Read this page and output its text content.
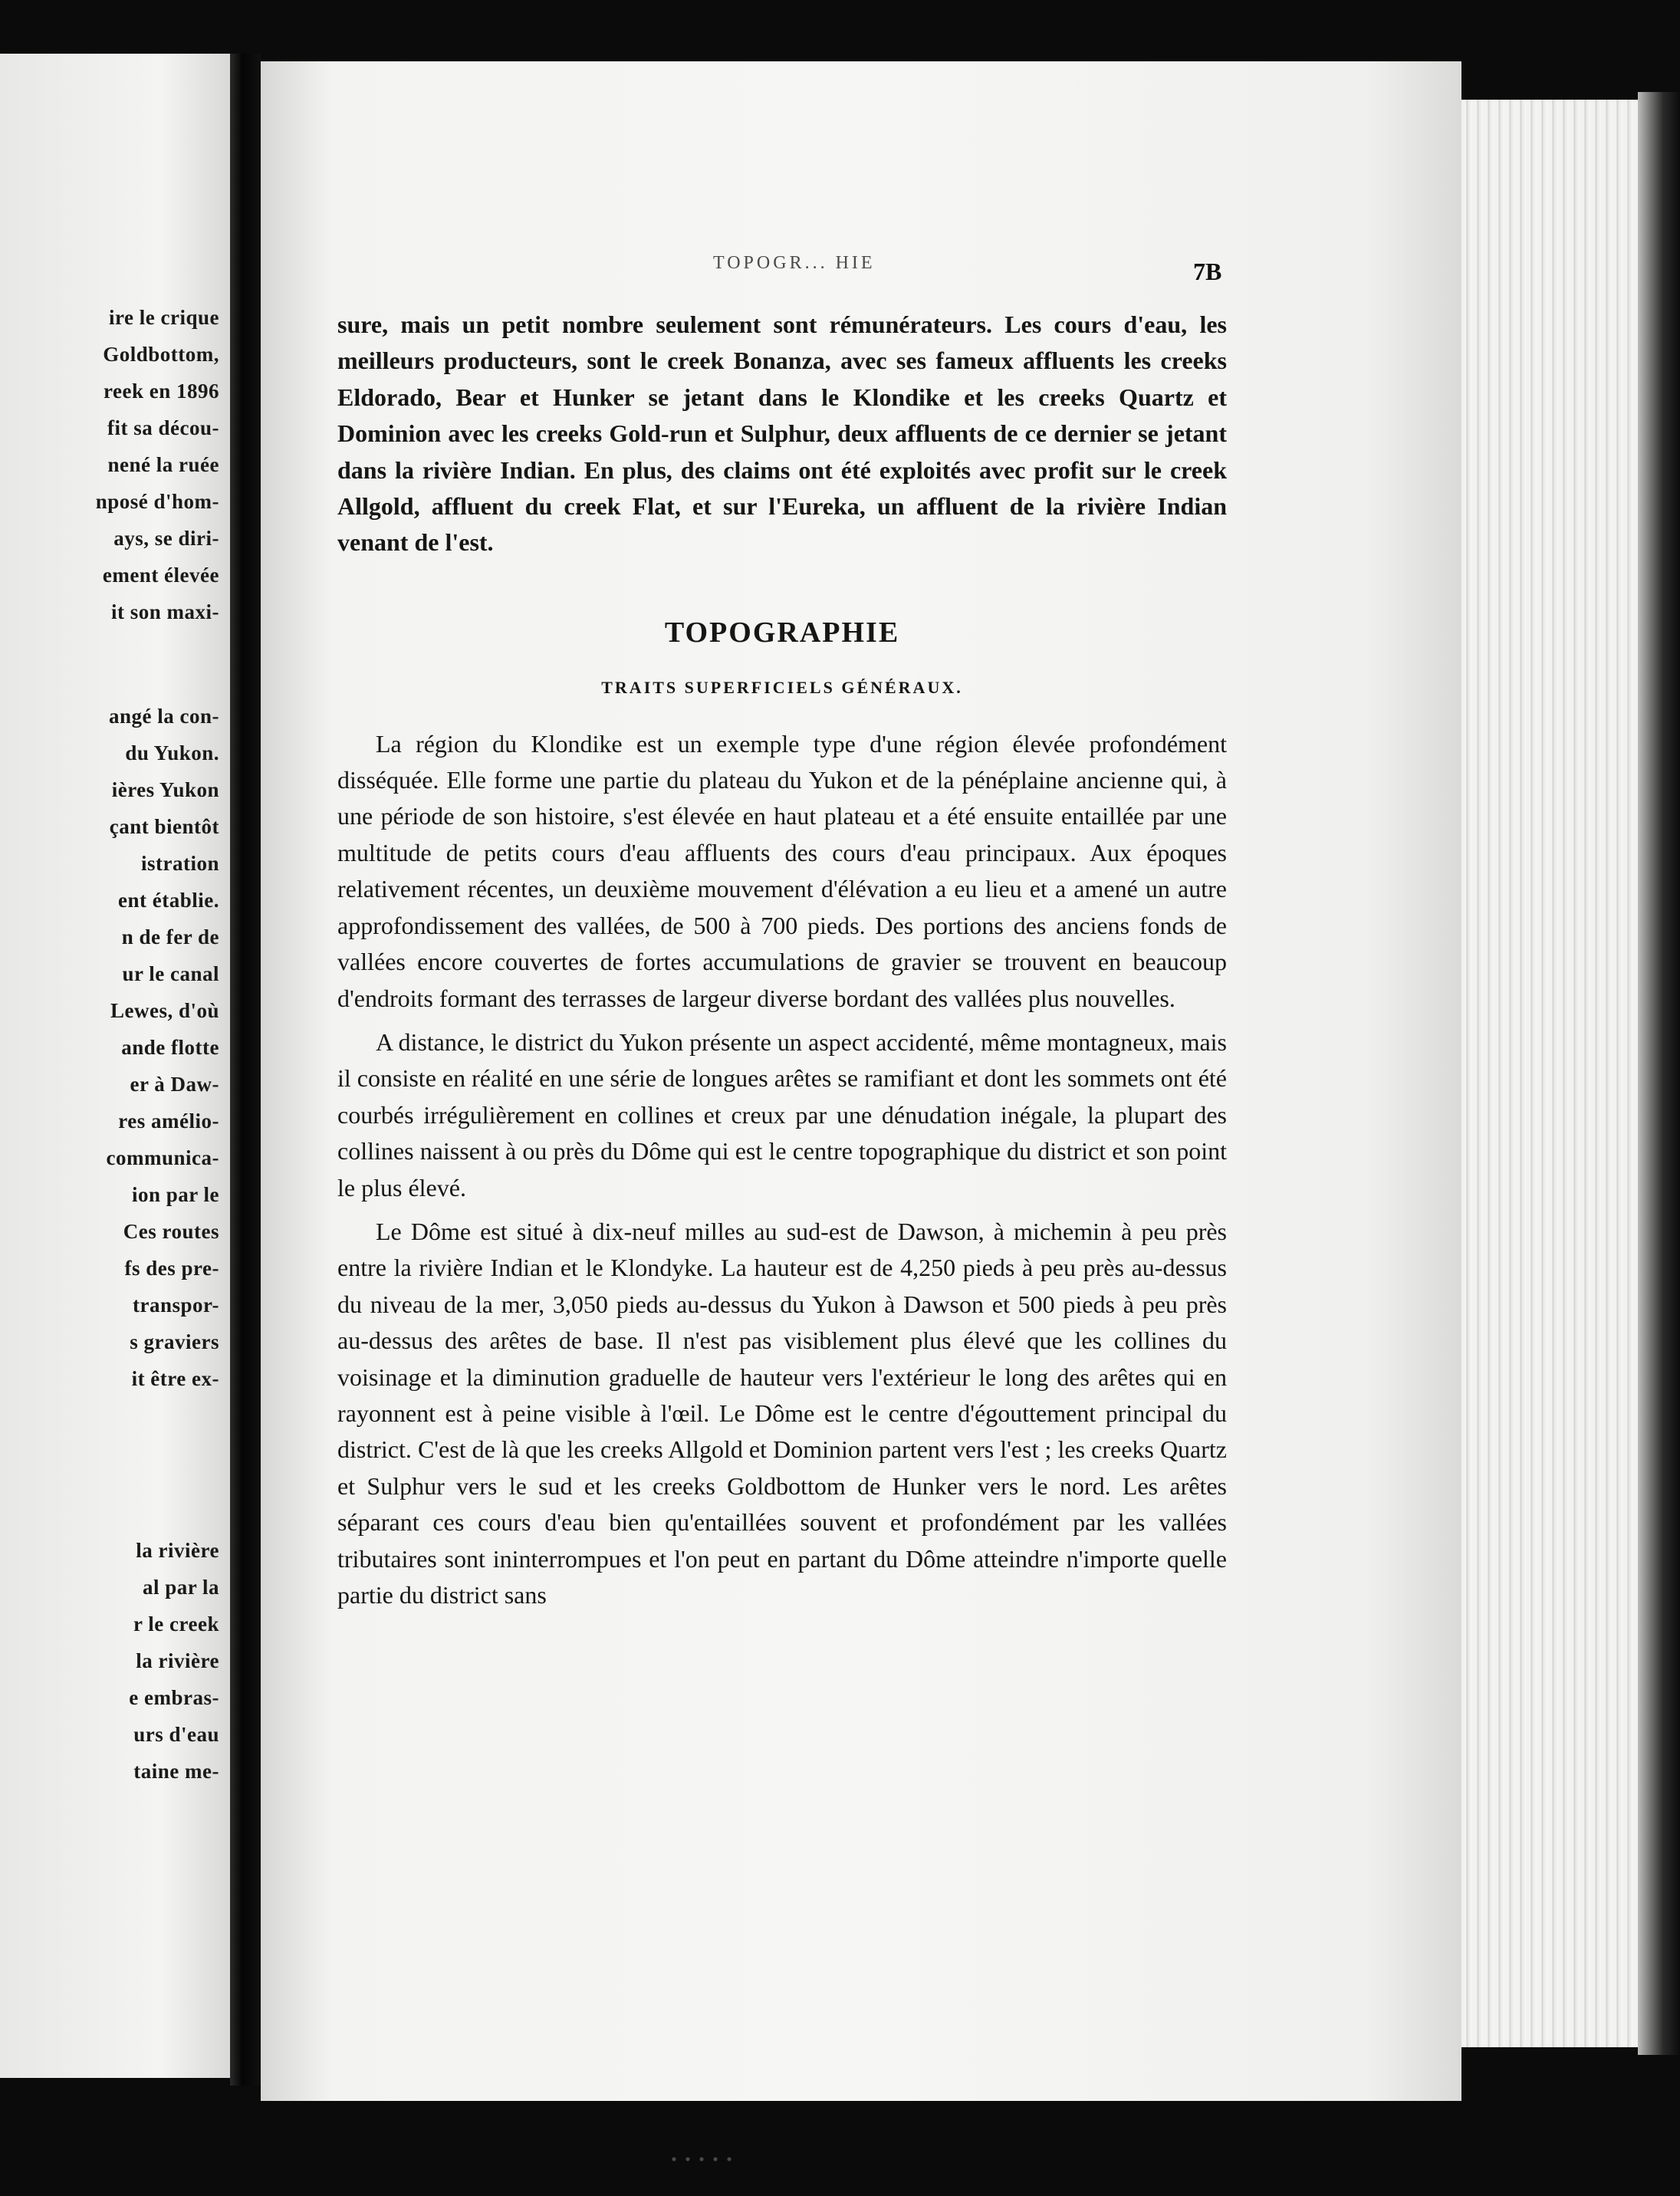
ire le crique
Goldbottom,
reek en 1896
fit sa décou-
nené la ruée
nposé d'hom-
ays, se diri-
ement élevée
it son maxi-
angé la con-
du Yukon.
ières Yukon
çant bientôt
istration
ent établie.
n de fer de
ur le canal
Lewes, d'où
ande flotte
er à Daw-
res amélio-
communica-
ion par le
Ces routes
fs des pre-
transpor-
s graviers
it être ex-
la rivière
al par la
r le creek
la rivière
e embras-
urs d'eau
taine me-
TOPOGR... HIE	7B

sure, mais un petit nombre seulement sont rémunérateurs. Les cours d'eau, les meilleurs producteurs, sont le creek Bonanza, avec ses fameux affluents les creeks Eldorado, Bear et Hunker se jetant dans le Klondike et les creeks Quartz et Dominion avec les creeks Gold-run et Sulphur, deux affluents de ce dernier se jetant dans la rivière Indian. En plus, des claims ont été exploités avec profit sur le creek Allgold, affluent du creek Flat, et sur l'Eureka, un affluent de la rivière Indian venant de l'est.

TOPOGRAPHIE
TRAITS SUPERFICIELS GÉNÉRAUX.

La région du Klondike est un exemple type d'une région élevée profondément disséquée. Elle forme une partie du plateau du Yukon et de la pénéplaine ancienne qui, à une période de son histoire, s'est élevée en haut plateau et a été ensuite entaillée par une multitude de petits cours d'eau affluents des cours d'eau principaux. Aux époques relativement récentes, un deuxième mouvement d'élévation a eu lieu et a amené un autre approfondissement des vallées, de 500 à 700 pieds. Des portions des anciens fonds de vallées encore couvertes de fortes accumulations de gravier se trouvent en beaucoup d'endroits formant des terrasses de largeur diverse bordant des vallées plus nouvelles.

A distance, le district du Yukon présente un aspect accidenté, même montagneux, mais il consiste en réalité en une série de longues arêtes se ramifiant et dont les sommets ont été courbés irrégulièrement en collines et creux par une dénudation inégale, la plupart des collines naissent à ou près du Dôme qui est le centre topographique du district et son point le plus élevé.

Le Dôme est situé à dix-neuf milles au sud-est de Dawson, à michemin à peu près entre la rivière Indian et le Klondyke. La hauteur est de 4,250 pieds à peu près au-dessus du niveau de la mer, 3,050 pieds au-dessus du Yukon à Dawson et 500 pieds à peu près au-dessus des arêtes de base. Il n'est pas visiblement plus élevé que les collines du voisinage et la diminution graduelle de hauteur vers l'extérieur le long des arêtes qui en rayonnent est à peine visible à l'œil. Le Dôme est le centre d'égouttement principal du district. C'est de là que les creeks Allgold et Dominion partent vers l'est ; les creeks Quartz et Sulphur vers le sud et les creeks Goldbottom de Hunker vers le nord. Les arêtes séparant ces cours d'eau bien qu'entaillées souvent et profondément par les vallées tributaires sont ininterrompues et l'on peut en partant du Dôme atteindre n'importe quelle partie du district sans
